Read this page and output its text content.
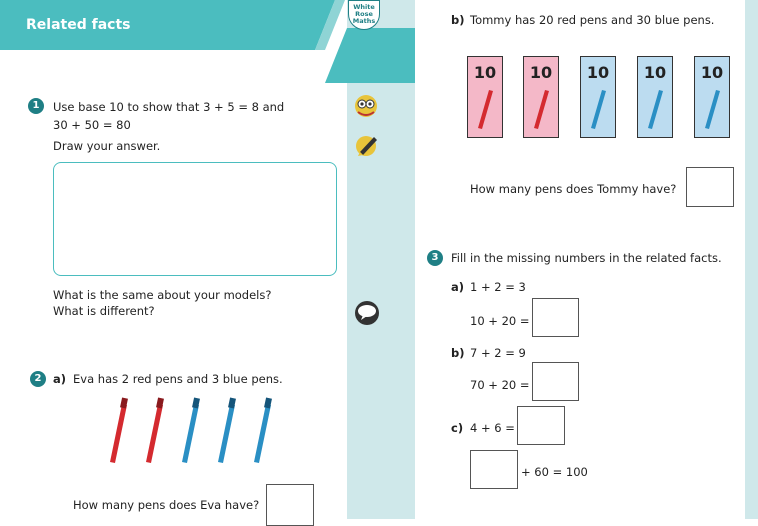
Related facts
White Rose Maths
1	Use base 10 to show that 3 + 5 = 8 and
30 + 50 = 80
Draw your answer.
What is the same about your models?
What is different?
2	a) Eva has 2 red pens and 3 blue pens.
How many pens does Eva have?
b) Tommy has 20 red pens and 30 blue pens.
10	10	10	10	10
How many pens does Tommy have?
3	Fill in the missing numbers in the related facts.
a) 1 + 2 = 3
10 + 20 =
b) 7 + 2 = 9
70 + 20 =
c) 4 + 6 =
+ 60 = 100
